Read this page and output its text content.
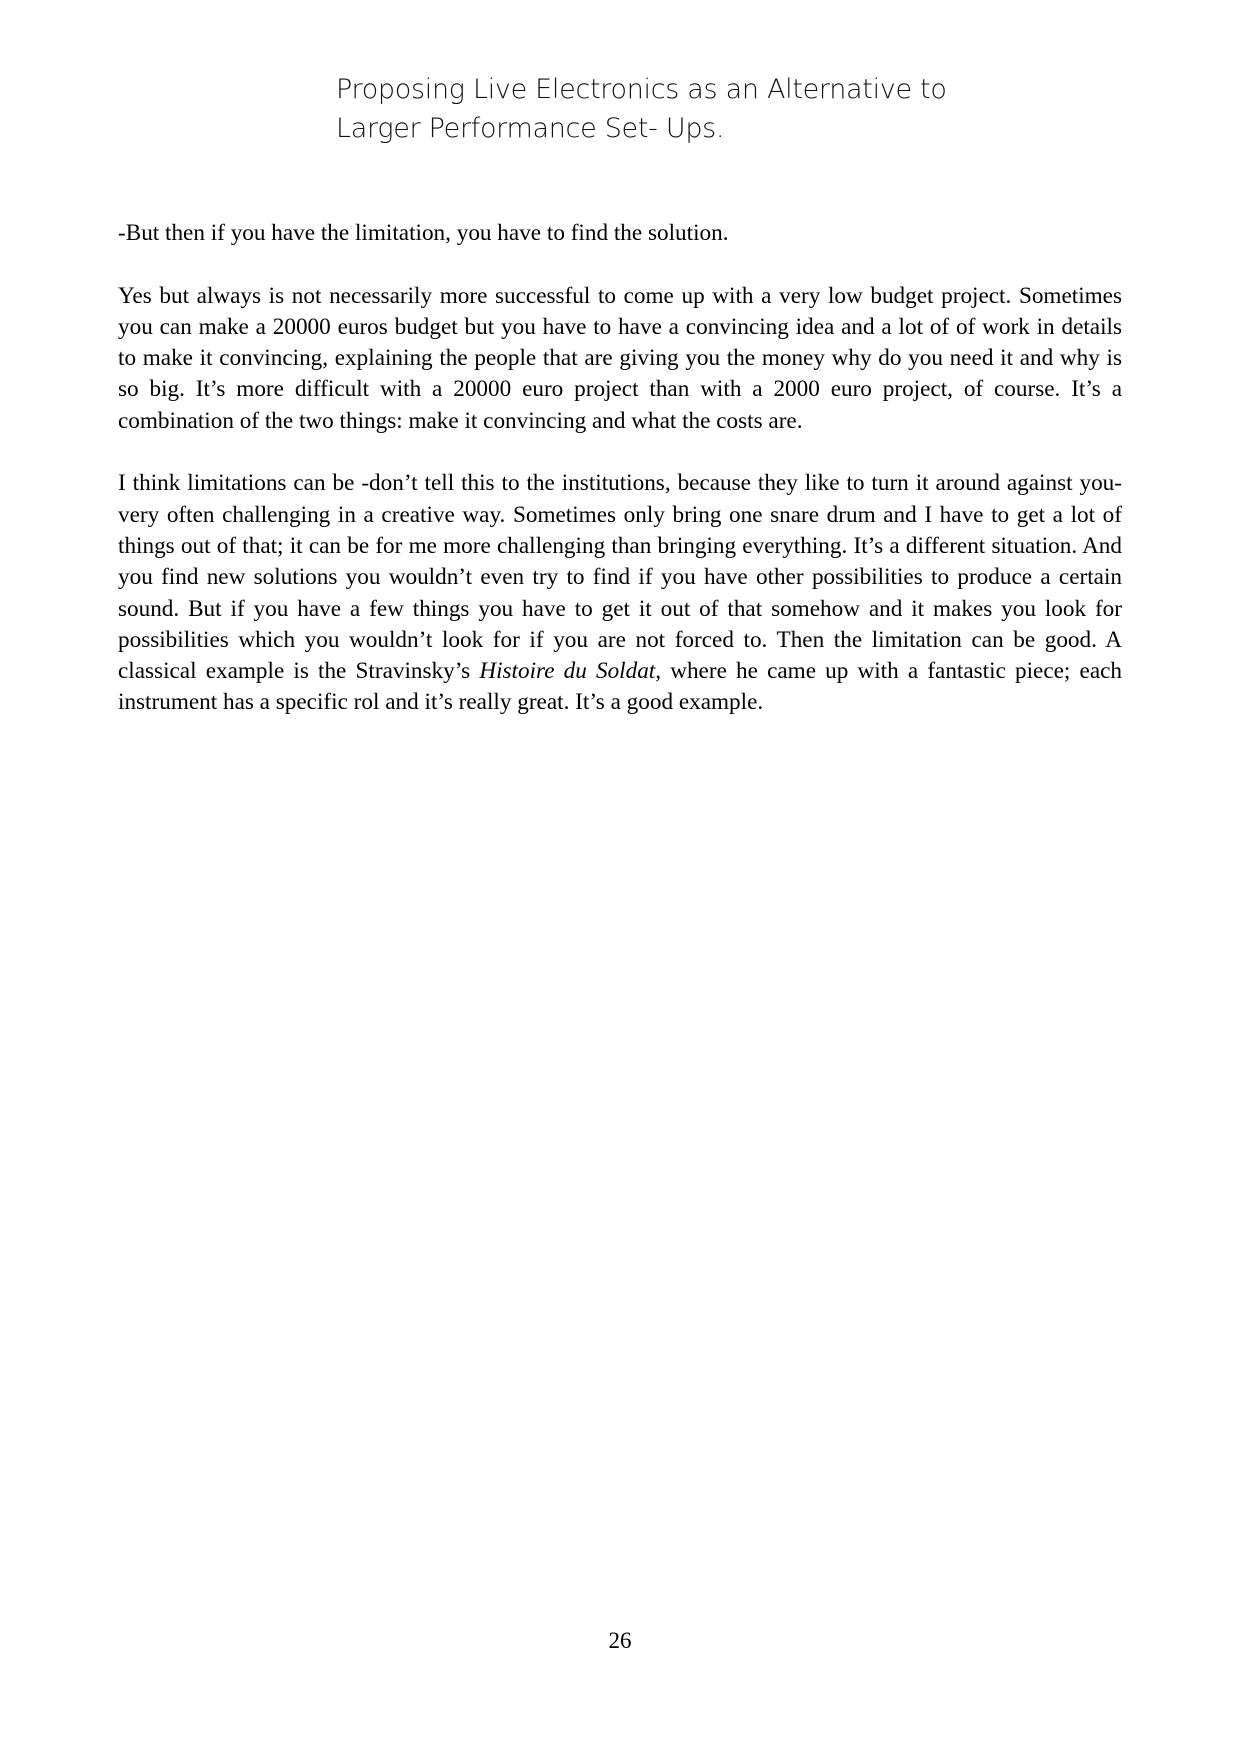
Proposing Live Electronics as an Alternative to
Larger Performance Set- Ups.

-But then if you have the limitation, you have to find the solution.

Yes but always is not necessarily more successful to come up with a very low budget project. Sometimes you can make a 20000 euros budget but you have to have a convincing idea and a lot of of work in details to make it convincing, explaining the people that are giving you the money why do you need it and why is so big. It’s more difficult with a 20000 euro project than with a 2000 euro project, of course. It’s a combination of the two things: make it convincing and what the costs are.

I think limitations can be -don’t tell this to the institutions, because they like to turn it around against you- very often challenging in a creative way. Sometimes only bring one snare drum and I have to get a lot of things out of that; it can be for me more challenging than bringing everything. It’s a different situation. And you find new solutions you wouldn’t even try to find if you have other possibilities to produce a certain sound. But if you have a few things you have to get it out of that somehow and it makes you look for possibilities which you wouldn’t look for if you are not forced to. Then the limitation can be good. A classical example is the Stravinsky’s Histoire du Soldat, where he came up with a fantastic piece; each instrument has a specific rol and it’s really great. It’s a good example.

26
